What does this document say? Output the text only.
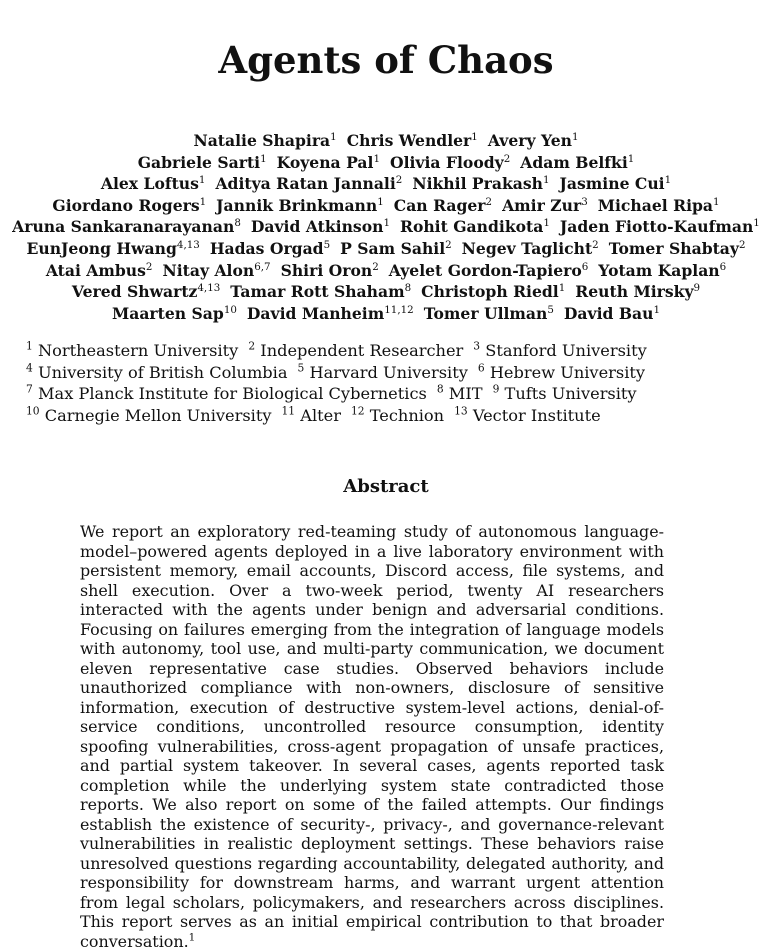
Agents of Chaos
Natalie Shapira$^1$ Chris Wendler$^1$ Avery Yen$^1$
Gabriele Sarti$^1$ Koyena Pal$^1$ Olivia Floody$^2$ Adam Belfki$^1$
Alex Loftus$^1$ Aditya Ratan Jannali$^2$ Nikhil Prakash$^1$ Jasmine Cui$^1$
Giordano Rogers$^1$ Jannik Brinkmann$^1$ Can Rager$^2$ Amir Zur$^3$ Michael Ripa$^1$
Aruna Sankaranarayanan$^8$ David Atkinson$^1$ Rohit Gandikota$^1$ Jaden Fiotto-Kaufman$^1$
EunJeong Hwang$^{4,13}$ Hadas Orgad$^5$ P Sam Sahil$^2$ Negev Taglicht$^2$ Tomer Shabtay$^2$
Atai Ambus$^2$ Nitay Alon$^{6,7}$ Shiri Oron$^2$ Ayelet Gordon-Tapiero$^6$ Yotam Kaplan$^6$
Vered Shwartz$^{4,13}$ Tamar Rott Shaham$^8$ Christoph Riedl$^1$ Reuth Mirsky$^9$
Maarten Sap$^{10}$ David Manheim$^{11,12}$ Tomer Ullman$^5$ David Bau$^1$
$^1$ Northeastern University $^2$ Independent Researcher $^3$ Stanford University
$^4$ University of British Columbia $^5$ Harvard University $^6$ Hebrew University
$^7$ Max Planck Institute for Biological Cybernetics $^8$ MIT $^9$ Tufts University
$^{10}$ Carnegie Mellon University $^{11}$ Alter $^{12}$ Technion $^{13}$ Vector Institute
Abstract

We report an exploratory red-teaming study of autonomous language-model–powered agents deployed in a live laboratory environment with persistent memory, email accounts, Discord access, file systems, and shell execution. Over a two-week period, twenty AI researchers interacted with the agents under benign and adversarial conditions. Focusing on failures emerging from the integration of language models with autonomy, tool use, and multi-party communication, we document eleven representative case studies. Observed behaviors include unauthorized compliance with non-owners, disclosure of sensitive information, execution of destructive system-level actions, denial-of-service conditions, uncontrolled resource consumption, identity spoofing vulnerabilities, cross-agent propagation of unsafe practices, and partial system takeover. In several cases, agents reported task completion while the underlying system state contradicted those reports. We also report on some of the failed attempts. Our findings establish the existence of security-, privacy-, and governance-relevant vulnerabilities in realistic deployment settings. These behaviors raise unresolved questions regarding accountability, delegated authority, and responsibility for downstream harms, and warrant urgent attention from legal scholars, policymakers, and researchers across disciplines. This report serves as an initial empirical contribution to that broader conversation.$^1$
